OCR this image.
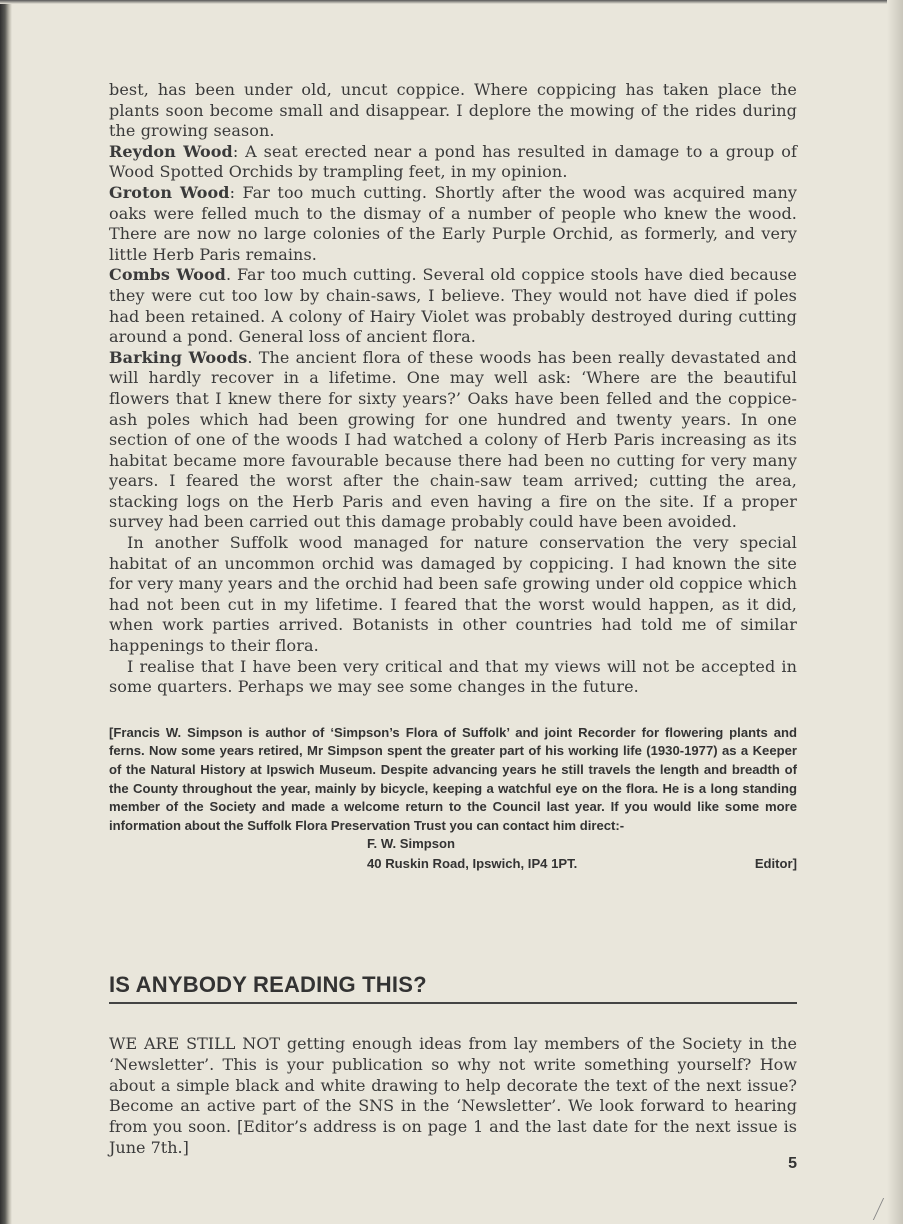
best, has been under old, uncut coppice. Where coppicing has taken place the plants soon become small and disappear. I deplore the mowing of the rides during the growing season.

Reydon Wood: A seat erected near a pond has resulted in damage to a group of Wood Spotted Orchids by trampling feet, in my opinion.

Groton Wood: Far too much cutting. Shortly after the wood was acquired many oaks were felled much to the dismay of a number of people who knew the wood. There are now no large colonies of the Early Purple Orchid, as formerly, and very little Herb Paris remains.

Combs Wood. Far too much cutting. Several old coppice stools have died because they were cut too low by chain-saws, I believe. They would not have died if poles had been retained. A colony of Hairy Violet was probably destroyed during cutting around a pond. General loss of ancient flora.

Barking Woods. The ancient flora of these woods has been really devastated and will hardly recover in a lifetime. One may well ask: ‘Where are the beautiful flowers that I knew there for sixty years?’ Oaks have been felled and the coppice-ash poles which had been growing for one hundred and twenty years. In one section of one of the woods I had watched a colony of Herb Paris increasing as its habitat became more favourable because there had been no cutting for very many years. I feared the worst after the chain-saw team arrived; cutting the area, stacking logs on the Herb Paris and even having a fire on the site. If a proper survey had been carried out this damage probably could have been avoided.

In another Suffolk wood managed for nature conservation the very special habitat of an uncommon orchid was damaged by coppicing. I had known the site for very many years and the orchid had been safe growing under old coppice which had not been cut in my lifetime. I feared that the worst would happen, as it did, when work parties arrived. Botanists in other countries had told me of similar happenings to their flora.

I realise that I have been very critical and that my views will not be accepted in some quarters. Perhaps we may see some changes in the future.

[Francis W. Simpson is author of ‘Simpson’s Flora of Suffolk’ and joint Recorder for flowering plants and ferns. Now some years retired, Mr Simpson spent the greater part of his working life (1930-1977) as a Keeper of the Natural History at Ipswich Museum. Despite advancing years he still travels the length and breadth of the County throughout the year, mainly by bicycle, keeping a watchful eye on the flora. He is a long standing member of the Society and made a welcome return to the Council last year. If you would like some more information about the Suffolk Flora Preservation Trust you can contact him direct:-
F. W. Simpson
40 Ruskin Road, Ipswich, IP4 1PT.	Editor]
IS ANYBODY READING THIS?

WE ARE STILL NOT getting enough ideas from lay members of the Society in the ‘Newsletter’. This is your publication so why not write something yourself? How about a simple black and white drawing to help decorate the text of the next issue? Become an active part of the SNS in the ‘Newsletter’. We look forward to hearing from you soon. [Editor’s address is on page 1 and the last date for the next issue is June 7th.]

5
